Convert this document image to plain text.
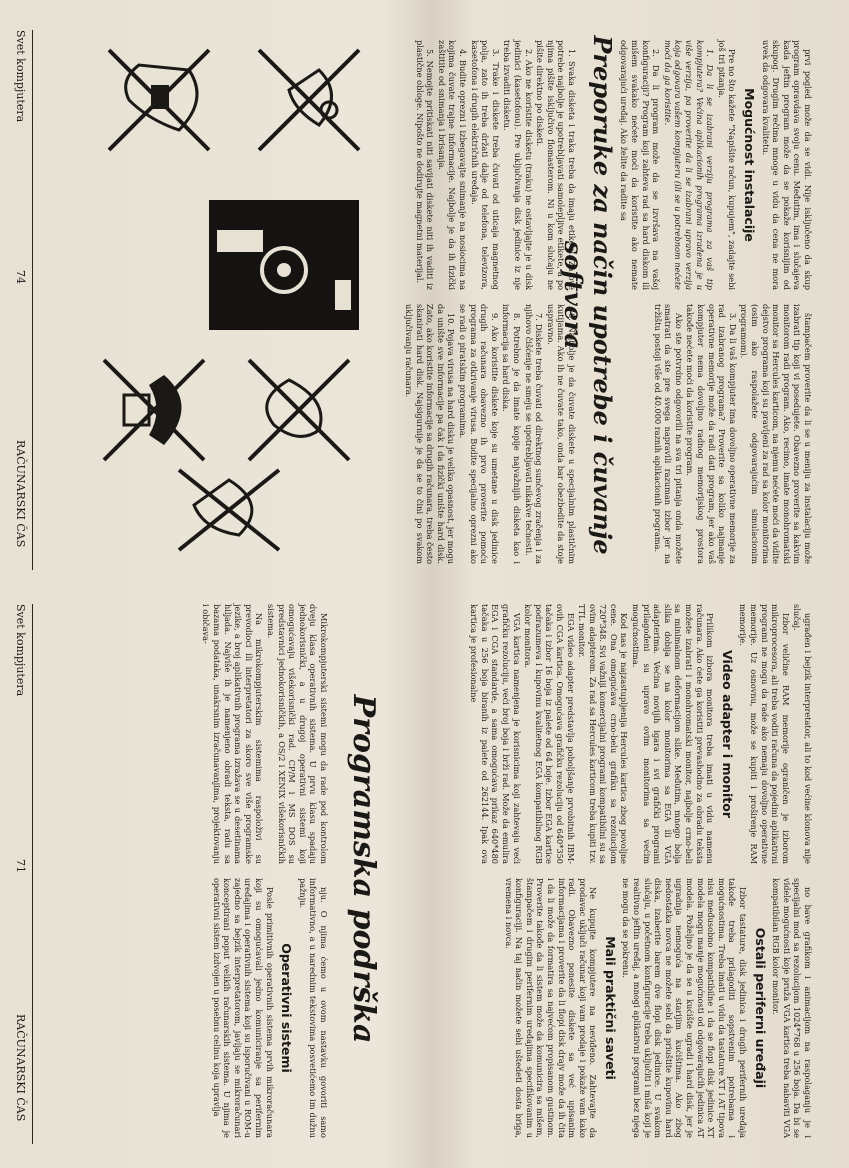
prvi pogled može da se vidi. Nije isključeno da skup program opravdava svoju cenu. Međutim, ima i slučajeva kada jeftin program može da se pokaže korisnijim od skupog. Drugim rečima mnoge u vidu da cena ne mora uvek da odgovara kvalitetu.

Mogućnost instalacije

Pre no što kažete "Napišite račun, kupujem", zadajte sebi još tri pitanja.

1. Da li se izabrani verziju programa za vaš tip kompjutera? Većina aplikacionih programa izrađena je u više verzija, pa proverite da li se izabrani upravo verzija koja odgovara vašem kompjuteru (ili se u potrebnom nećete moći da ga koristite.

2. Da li program može da se izvršava na vašoj konfiguraciji? Program koji zahteva rad sa hard diskom ili mišem svakako nećete moći da koristite ako nemate odgovarajući uređaj. Ako želite da radite sa

štampačem proverite da li se u meniju za instalaciju može izabrati tip koji vi posedujete. Obavezno proverite sa kakvim monitorom radi program. Ako, recimo, imate monohromatski monitor sa Hercules karticom, na njemu nećete moći da vidite dejstvo programa koji su pravljeni za rad sa kolor monitorima (osim ako raspolažete odgovarajućim simulacionim programom).

3. Da li vaš kompjuter ima dovoljno operativne memorije za rad izabranog programa? Proverite sa koliko najmanje operativne memorije može da radi dati program, jer ako vaš kompjuter nema dovoljno radnog memorijskog prostora takođe nećete moći da koristite program.

Ako ste potvrdno odgovorili na sva tri pitanja onda možete smatrati da ste pre svega napravili razuman izbor jer na tržištu postoji više od 40.000 raznih aplikacionih programa.

Preporuke za način upotrebe i čuvanje softvera

1. Svaka disketa i traka treba da imaju etiketu. Za ove potrebe najbolje je upotrebljavati samolepljive etikete, a po njima pišite isključivo flomasterom. Ni u kom slučaju ne pišite direktno po disketi.

2. Ako ne koristite disketu (traku) ne ostavljajte je u disk jedinici (kasetofonu). Pre uključivanja disk jedinice iz nje treba izvaditi disketu.

3. Trake i diskete treba čuvati od uticaja magnetnog polja, zato ih treba držati dalje od telefona, televizora, kasetofona i drugih električnih uređaja.

4. Budite oprezni i izbegavajte snimanje na nosiocima na kojima čuvate trajne informacije. Najbolje je da ih fizički zaštitite od snimanja i brisanja.

5. Nemojte pritiskati niti savijati diskete niti ih vaditi iz plastične obloge. Nipošto ne dodirujte magnetni materijal.

6. Najbolje je da čuvate diskete u specijalnim plastičnim kutijama. Ako ih ne čuvate tako, onda bar obezbedite da stoje uspravno.

7. Diskete treba čuvati od direktnog sunčevog zračenja i za njihovo čišćenje ne smeju se upotrebljavati nikakve tečnosti.

8. Potrebno je da imate kopije najvažnijih disketa kao i informacija sa hard diska.

9. Ako koristite diskete koje su umetane u disk jedinice drugih računara obavezno ih prvo proverite pomoću programa za otkrivanje virusa. Budite specijalno oprezni ako se radi o piratskim programima.

10. Pojava virusa na hard disku je velika opasnost, jer mogu da unište sve informacije pa čak i da fizički unište hard disk. Zato, ako koristite informacije sa drugih računara, treba često skanirati hard disk. Najsigurnije je da se to čini po svakom uključivanju računara.

Svet kompjutera
74
RAČUNARSKI ČAS

ugrađen i bejzik interpretator, ali to kod većine klonova nije slučaj.

Izbor veličine RAM memorije ograničen je izborom mikroprocesora, ali treba voditi računa da poјedini aplikativni programi ne mogu da rade ako nemaju dovoljno operativne memorije. Uz osnovnu, može se kupiti i proširenje RAM memorije.

Video adapter i monitor

Prilikom izbora monitora treba imati u vidu namenu računara. Ako ćete ga koristiti prevashodno za obradu teksta možete izabrati i monohromatski monitor, najbolje crno-beli sa minimalnom deformacijom slike. Međutim, mnogo bolja slika dobija se na kolor monitorima sa EGA ili VGA adapterima. Većina novijih igara i svi grafički programi prilagođeni su upravo ovim monitorima sa većim mogućnostima.

Kod nas je najzastupljenija Hercules kartica zbog povoljne cene. Ona omogućava crno-belu grafiku sa rezolucijom 720*348. Svi važniji komercijalni programi kompatibilni su sa ovim adapterom. Za rad sa Hercules karticom treba kupiti tzv. TTL monitor.

EGA video adapter predstavlja poboljšanje prvobitnih IBM-ovih CGA kartica. Omogućava grafičku rezoluciju od 640*350 tačaka i izbor 16 boja iz palete od 64 boje. Izbor EGA kartice podrazumeva i kupovinu kvalitetnog EGA kompatibilnog RGB kolor monitora.

VGA kartica namenjena je korisnicima koji zahtevaju veći grafičku rezoluciju, veći broj boja i brži rad. Može da emulira EGA i CGA standarde, a sama omogućava prikaz 640*480 tačaka u 256 boja biranih iz palete od 262144. Ipak ova kartica je profesionalne

no bave grafikom i animacijom na raspolaganju je i specijalni mod sa rezolucijom 1024*768 u 256 boja. Da bi se videle mogućnosti koje pruža VGA kartica treba nabaviti VGA kompatibilan RGB kolor monitor.

Ostali periferni uređaji

Izbor tastature, disk jedinica i drugih perifernih uređaja takođe treba prilagoditi sopstvenim potrebama i mogućnostima. Treba imati u vidu da tastature XT i AT tipova nisu međusobno kompatibilne i da se flopi disk jedinice XT modela mogu manje mogućnosti od odgovarajućih jedinica AT modela. Poželjno je da se u kućište ugradi i hard disk, jer je ugradnja nemoguća na starijim kućištima. Ako zbog nedostatka novca ne možete sebi da priuštite kupovinu hard diska, izaberite barem dve flopi disk jedinice. U svakom slučaju, u početnom konfiguracije treba uključiti i miša koji je realtivno jeftin uređaj, a mnogi aplikativni programi bez njega ne mogu da se pokrenu.

Mali praktični saveti

Ne kupujte kompjutere na neviđeno. Zahtevajte da prodavac uključi računar koji vam prodaje i pokaže vam kako radi. Obavezno ponesite diskete sa već upisanim informacijama i proverite da li flopi disk drajv može da ih čita i da li može da formatira sa najvećom propisanom gustinom. Proverite takođe da li sistem može da komunicira sa mišem, štampačem i drugim perifernim uređajima specifikovanim u konfiguraciji. Na taj način možete sebi uštedeti dosta briga, vremena i novca.

Programska podrška

Mikrokompjuterski sistemi mogu da rade pod kontrolom dveju klasa operativnih sistema. U prvu klasu spadaju jednokorisnički, a u drugoj operativni sistemi koji omogućavaju višekorisnički rad. CP/M i MS DOS su predstavnici jednokorisničkih, a OS/2 i XENIX višekorisničkih sistema.

Na mikrokompjuterskim sistemima raspoloživi su prevodioci ili interpretatori za skoro sve više programske jezike, a broj aplikativnih programa izražava se u desetinama hiljada. Najviše ih je namenjeno obradi teksta, radu sa bazama podataka, unakrsnim izračunavanjima, projektovanju i običava-

nju. O njima ćemo u ovom nastavku govoriti samo informativno, a u narednim tekstovima posvetićemo im dužnu pažnju.

Operativni sistemi

Posle primitivnih operativnih sistema prvih mikroračunara koji su omogućavali jedno komuniciranje sa perifernim uređajima i operativnih sistema koji su isporučivani u ROM-u zajedno sa bejzik interpretatorom, javljaju se mikroračunari konceptirani poput velikih računarskih sistema. U njima je operativni sistem izdvojen u posebnu celinu koja upravlja

Svet kompjutera
71
RAČUNARSKI ČAS
